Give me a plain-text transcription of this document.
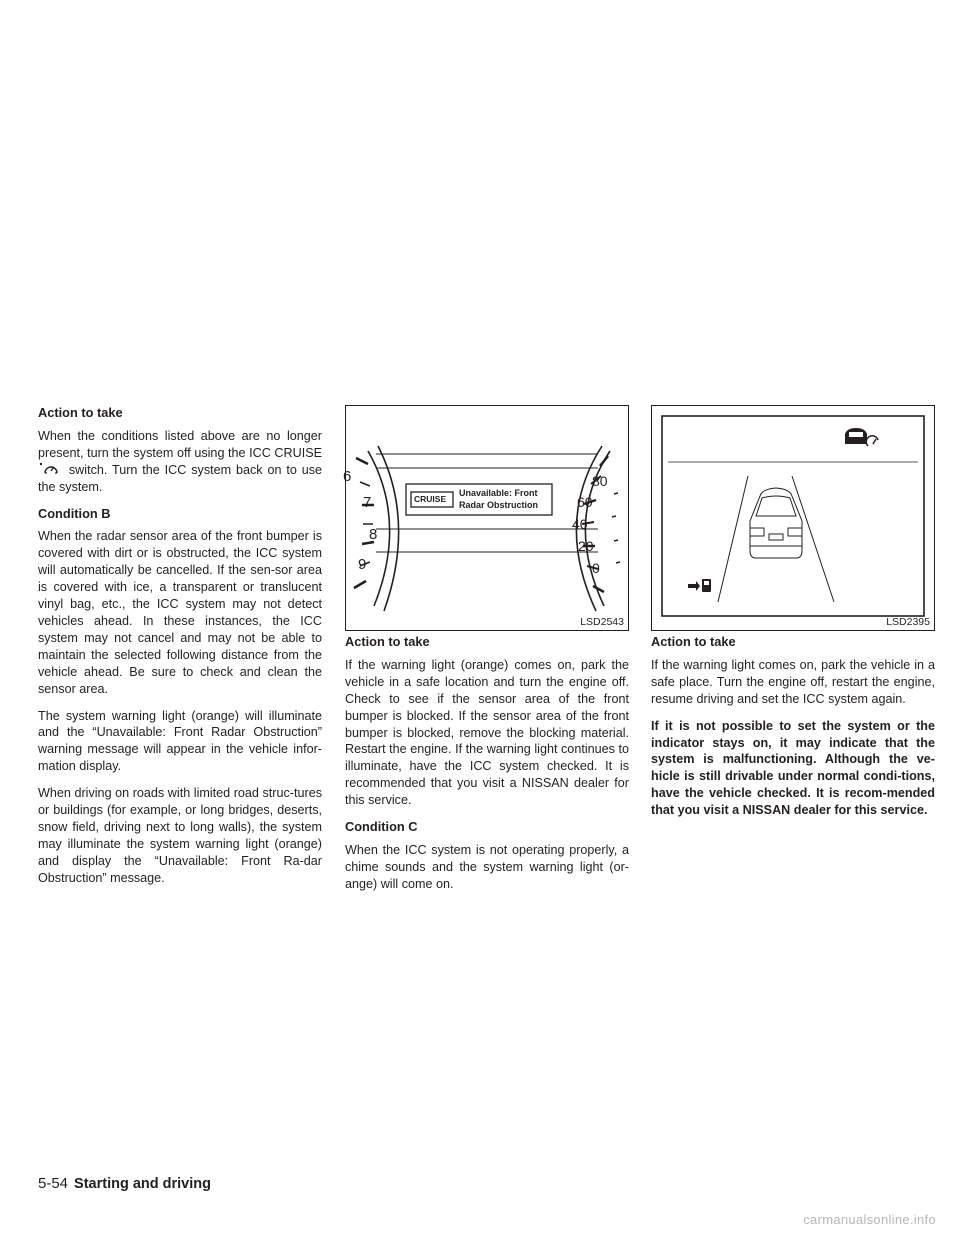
Action to take

When the conditions listed above are no longer present, turn the system off using the ICC CRUISE  switch. Turn the ICC system back on to use the system.

Condition B

When the radar sensor area of the front bumper is covered with dirt or is obstructed, the ICC system will automatically be cancelled. If the sen-sor area is covered with ice, a transparent or translucent vinyl bag, etc., the ICC system may not detect vehicles ahead. In these instances, the ICC system may not cancel and may not be able to maintain the selected following distance from the vehicle ahead. Be sure to check and clean the sensor area.

The system warning light (orange) will illuminate and the “Unavailable: Front Radar Obstruction” warning message will appear in the vehicle infor-mation display.

When driving on roads with limited road struc-tures or buildings (for example, or long bridges, deserts, snow field, driving next to long walls), the system may illuminate the system warning light (orange) and display the “Unavailable: Front Ra-dar Obstruction” message.

6
7
8
9
80
60
40
20
0
CRUISE
Unavailable: Front
Radar Obstruction
LSD2543	LSD2395
Action to take

If the warning light (orange) comes on, park the vehicle in a safe location and turn the engine off. Check to see if the sensor area of the front bumper is blocked. If the sensor area of the front bumper is blocked, remove the blocking material. Restart the engine. If the warning light continues to illuminate, have the ICC system checked. It is recommended that you visit a NISSAN dealer for this service.

Condition C

When the ICC system is not operating properly, a chime sounds and the system warning light (or-ange) will come on.

Action to take

If the warning light comes on, park the vehicle in a safe place. Turn the engine off, restart the engine, resume driving and set the ICC system again.

If it is not possible to set the system or the indicator stays on, it may indicate that the system is malfunctioning. Although the ve-hicle is still drivable under normal condi-tions, have the vehicle checked. It is recom-mended that you visit a NISSAN dealer for this service.

5-54 Starting and driving
carmanualsonline.info
